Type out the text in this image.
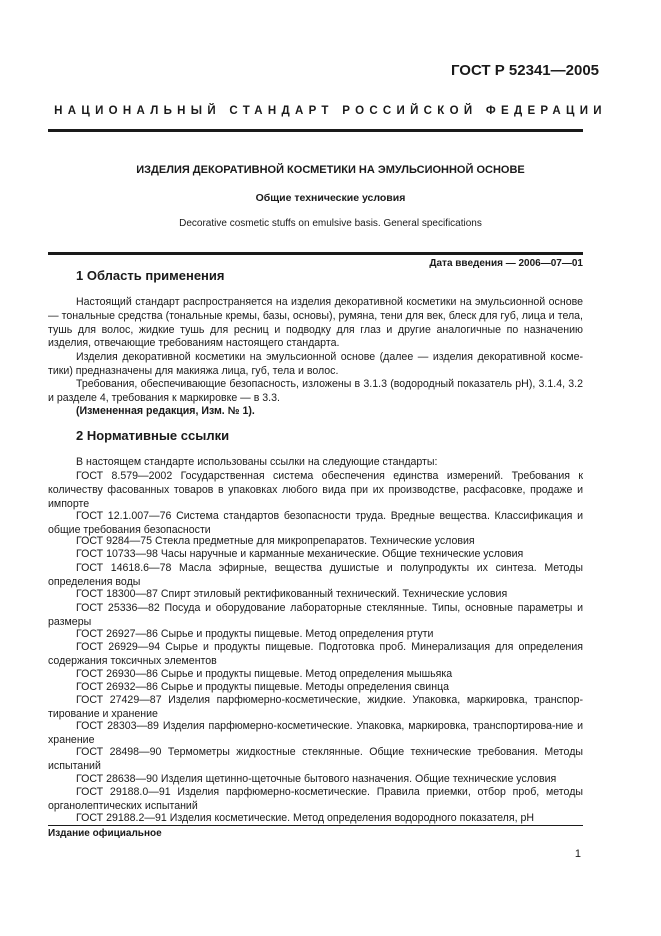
ГОСТ Р 52341—2005
НАЦИОНАЛЬНЫЙ СТАНДАРТ РОССИЙСКОЙ ФЕДЕРАЦИИ
ИЗДЕЛИЯ ДЕКОРАТИВНОЙ КОСМЕТИКИ НА ЭМУЛЬСИОННОЙ ОСНОВЕ
Общие технические условия
Decorative cosmetic stuffs on emulsive basis. General specifications
Дата введения — 2006—07—01
1 Область применения
Настоящий стандарт распространяется на изделия декоративной косметики на эмульсионной основе — тональные средства (тональные кремы, базы, основы), румяна, тени для век, блеск для губ, лица и тела, тушь для волос, жидкие тушь для ресниц и подводку для глаз и другие аналогичные по назначению изделия, отвечающие требованиям настоящего стандарта.
Изделия декоративной косметики на эмульсионной основе (далее — изделия декоративной косме-тики) предназначены для макияжа лица, губ, тела и волос.
Требования, обеспечивающие безопасность, изложены в 3.1.3 (водородный показатель pH), 3.1.4, 3.2 и разделе 4, требования к маркировке — в 3.3.
(Измененная редакция, Изм. № 1).
2 Нормативные ссылки
В настоящем стандарте использованы ссылки на следующие стандарты:
ГОСТ 8.579—2002 Государственная система обеспечения единства измерений. Требования к количеству фасованных товаров в упаковках любого вида при их производстве, расфасовке, продаже и импорте
ГОСТ 12.1.007—76 Система стандартов безопасности труда. Вредные вещества. Классификация и общие требования безопасности
ГОСТ 9284—75 Стекла предметные для микропрепаратов. Технические условия
ГОСТ 10733—98 Часы наручные и карманные механические. Общие технические условия
ГОСТ 14618.6—78 Масла эфирные, вещества душистые и полупродукты их синтеза. Методы определения воды
ГОСТ 18300—87 Спирт этиловый ректификованный технический. Технические условия
ГОСТ 25336—82 Посуда и оборудование лабораторные стеклянные. Типы, основные параметры и размеры
ГОСТ 26927—86 Сырье и продукты пищевые. Метод определения ртути
ГОСТ 26929—94 Сырье и продукты пищевые. Подготовка проб. Минерализация для определения содержания токсичных элементов
ГОСТ 26930—86 Сырье и продукты пищевые. Метод определения мышьяка
ГОСТ 26932—86 Сырье и продукты пищевые. Методы определения свинца
ГОСТ 27429—87 Изделия парфюмерно-косметические, жидкие. Упаковка, маркировка, транспор-тирование и хранение
ГОСТ 28303—89 Изделия парфюмерно-косметические. Упаковка, маркировка, транспортирова-ние и хранение
ГОСТ 28498—90 Термометры жидкостные стеклянные. Общие технические требования. Методы испытаний
ГОСТ 28638—90 Изделия щетинно-щеточные бытового назначения. Общие технические условия
ГОСТ 29188.0—91 Изделия парфюмерно-косметические. Правила приемки, отбор проб, методы органолептических испытаний
ГОСТ 29188.2—91 Изделия косметические. Метод определения водородного показателя, pH
Издание официальное
1
